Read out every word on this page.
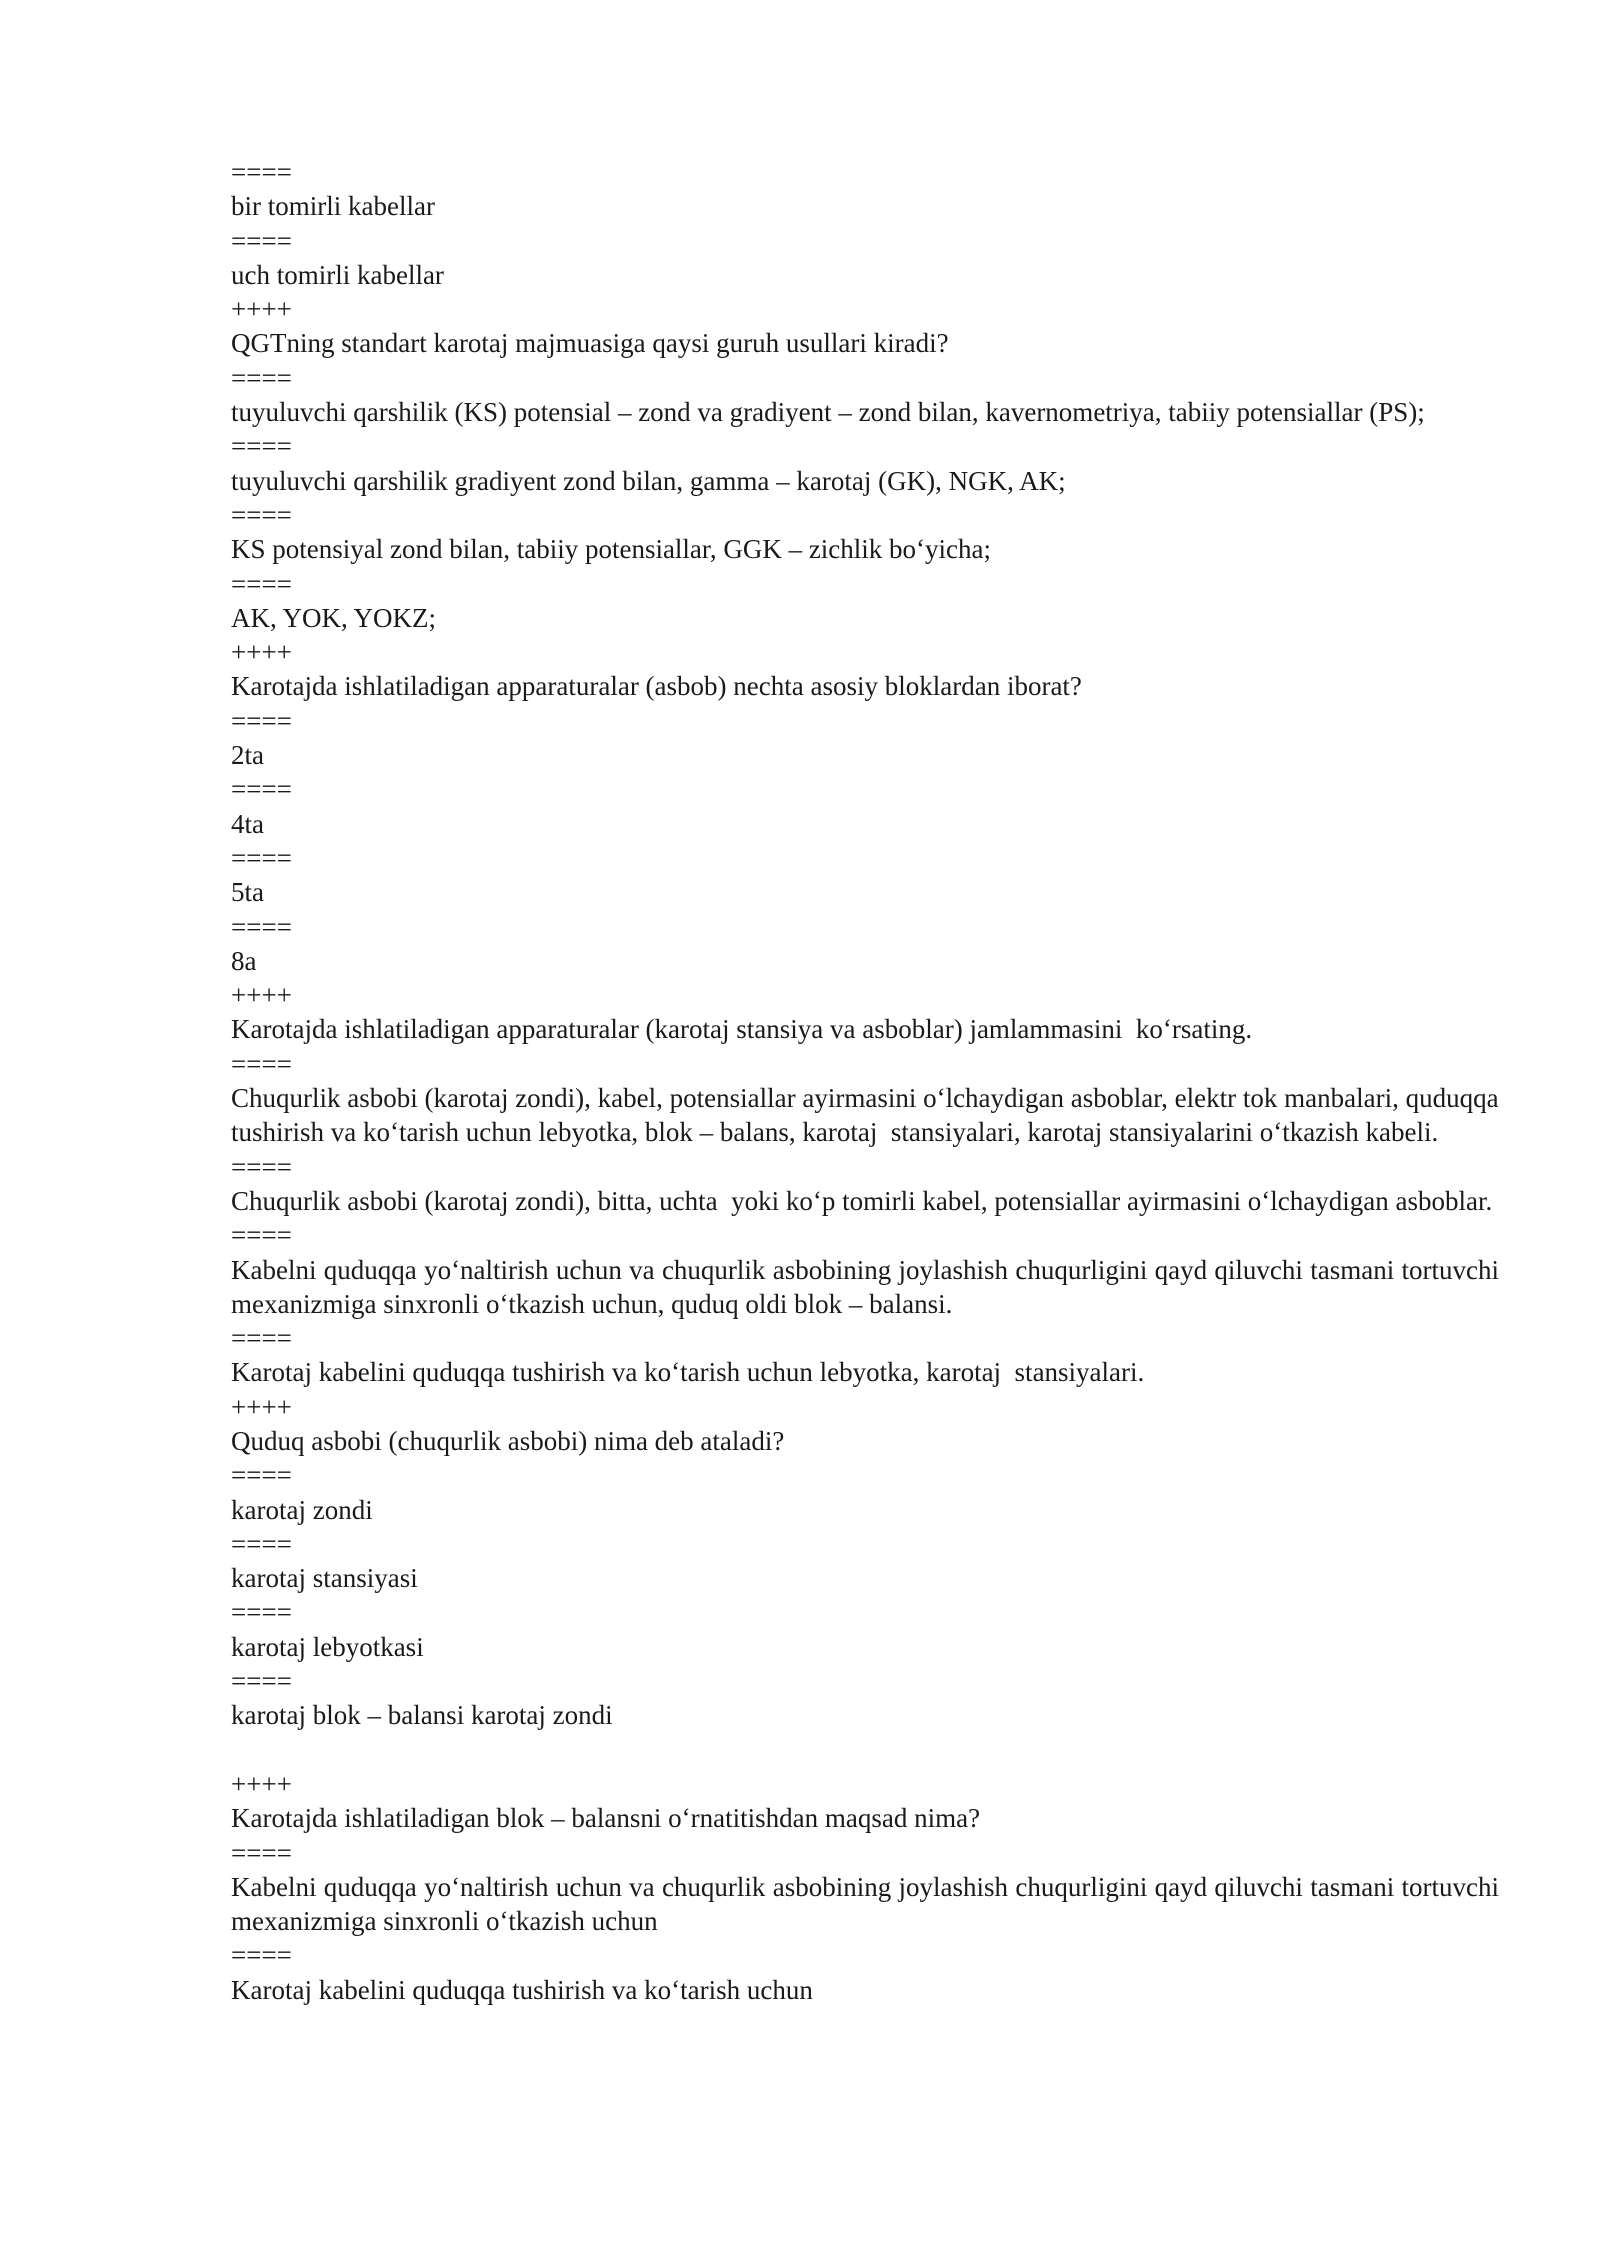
====

bir tomirli kabellar

====

uch tomirli kabellar

++++

QGTning standart karotaj majmuasiga qaysi guruh usullari kiradi?

====

tuyuluvchi qarshilik (KS) potensial – zond va gradiyent – zond bilan, kavernometriya, tabiiy potensiallar (PS);

====

tuyuluvchi qarshilik gradiyent zond bilan, gamma – karotaj (GK), NGK, AK;

====

KS potensiyal zond bilan, tabiiy potensiallar, GGK – zichlik bo‘yicha;

====

AK, YOK, YOKZ;

++++

Karotajda ishlatiladigan apparaturalar (asbob) nechta asosiy bloklardan iborat?

====

2ta

====

4ta

====

5ta

====

8a

++++

Karotajda ishlatiladigan apparaturalar (karotaj stansiya va asboblar) jamlammasini  ko‘rsating.

====

Chuqurlik asbobi (karotaj zondi), kabel, potensiallar ayirmasini o‘lchaydigan asboblar, elektr tok manbalari, quduqqa tushirish va ko‘tarish uchun lebyotka, blok – balans, karotaj  stansiyalari, karotaj stansiyalarini o‘tkazish kabeli.

====

Chuqurlik asbobi (karotaj zondi), bitta, uchta  yoki ko‘p tomirli kabel, potensiallar ayirmasini o‘lchaydigan asboblar.

====

Kabelni quduqqa yo‘naltirish uchun va chuqurlik asbobining joylashish chuqurligini qayd qiluvchi tasmani tortuvchi mexanizmiga sinxronli o‘tkazish uchun, quduq oldi blok – balansi.

====

Karotaj kabelini quduqqa tushirish va ko‘tarish uchun lebyotka, karotaj  stansiyalari.

++++

Quduq asbobi (chuqurlik asbobi) nima deb ataladi?

====

karotaj zondi

====

karotaj stansiyasi

====

karotaj lebyotkasi

====

karotaj blok – balansi karotaj zondi

++++

Karotajda ishlatiladigan blok – balansni o‘rnatitishdan maqsad nima?

====

Kabelni quduqqa yo‘naltirish uchun va chuqurlik asbobining joylashish chuqurligini qayd qiluvchi tasmani tortuvchi mexanizmiga sinxronli o‘tkazish uchun

====

Karotaj kabelini quduqqa tushirish va ko‘tarish uchun
